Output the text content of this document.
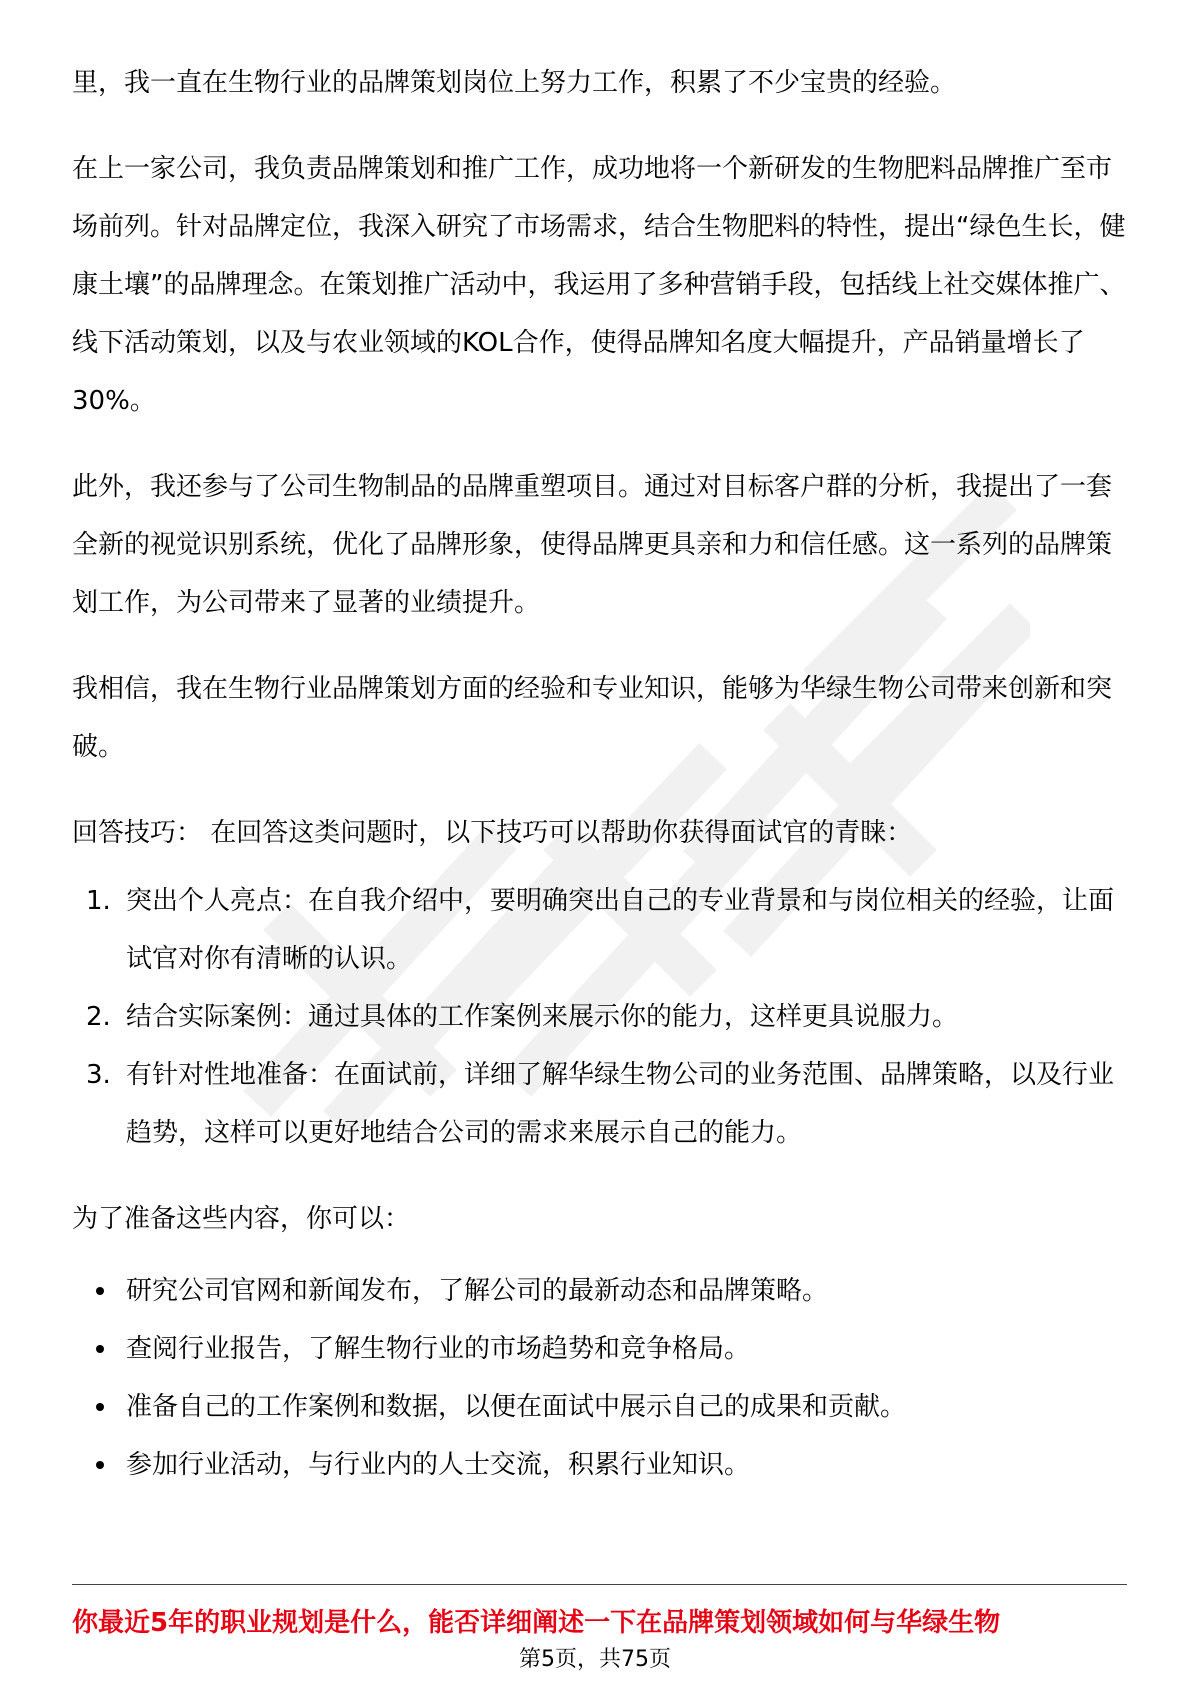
里，我一直在生物行业的品牌策划岗位上努力工作，积累了不少宝贵的经验。

在上一家公司，我负责品牌策划和推广工作，成功地将一个新研发的生物肥料品牌推广至市场前列。针对品牌定位，我深入研究了市场需求，结合生物肥料的特性，提出“绿色生长，健康土壤”的品牌理念。在策划推广活动中，我运用了多种营销手段，包括线上社交媒体推广、线下活动策划，以及与农业领域的KOL合作，使得品牌知名度大幅提升，产品销量增长了30%。

此外，我还参与了公司生物制品的品牌重塑项目。通过对目标客户群的分析，我提出了一套全新的视觉识别系统，优化了品牌形象，使得品牌更具亲和力和信任感。这一系列的品牌策划工作，为公司带来了显著的业绩提升。

我相信，我在生物行业品牌策划方面的经验和专业知识，能够为华绿生物公司带来创新和突破。

回答技巧： 在回答这类问题时，以下技巧可以帮助你获得面试官的青睐：

1. 突出个人亮点：在自我介绍中，要明确突出自己的专业背景和与岗位相关的经验，让面试官对你有清晰的认识。
2. 结合实际案例：通过具体的工作案例来展示你的能力，这样更具说服力。
3. 有针对性地准备：在面试前，详细了解华绿生物公司的业务范围、品牌策略，以及行业趋势，这样可以更好地结合公司的需求来展示自己的能力。

为了准备这些内容，你可以：

研究公司官网和新闻发布，了解公司的最新动态和品牌策略。
查阅行业报告，了解生物行业的市场趋势和竞争格局。
准备自己的工作案例和数据，以便在面试中展示自己的成果和贡献。
参加行业活动，与行业内的人士交流，积累行业知识。
你最近5年的职业规划是什么，能否详细阐述一下在品牌策划领域如何与华绿生物
第5页，共75页
